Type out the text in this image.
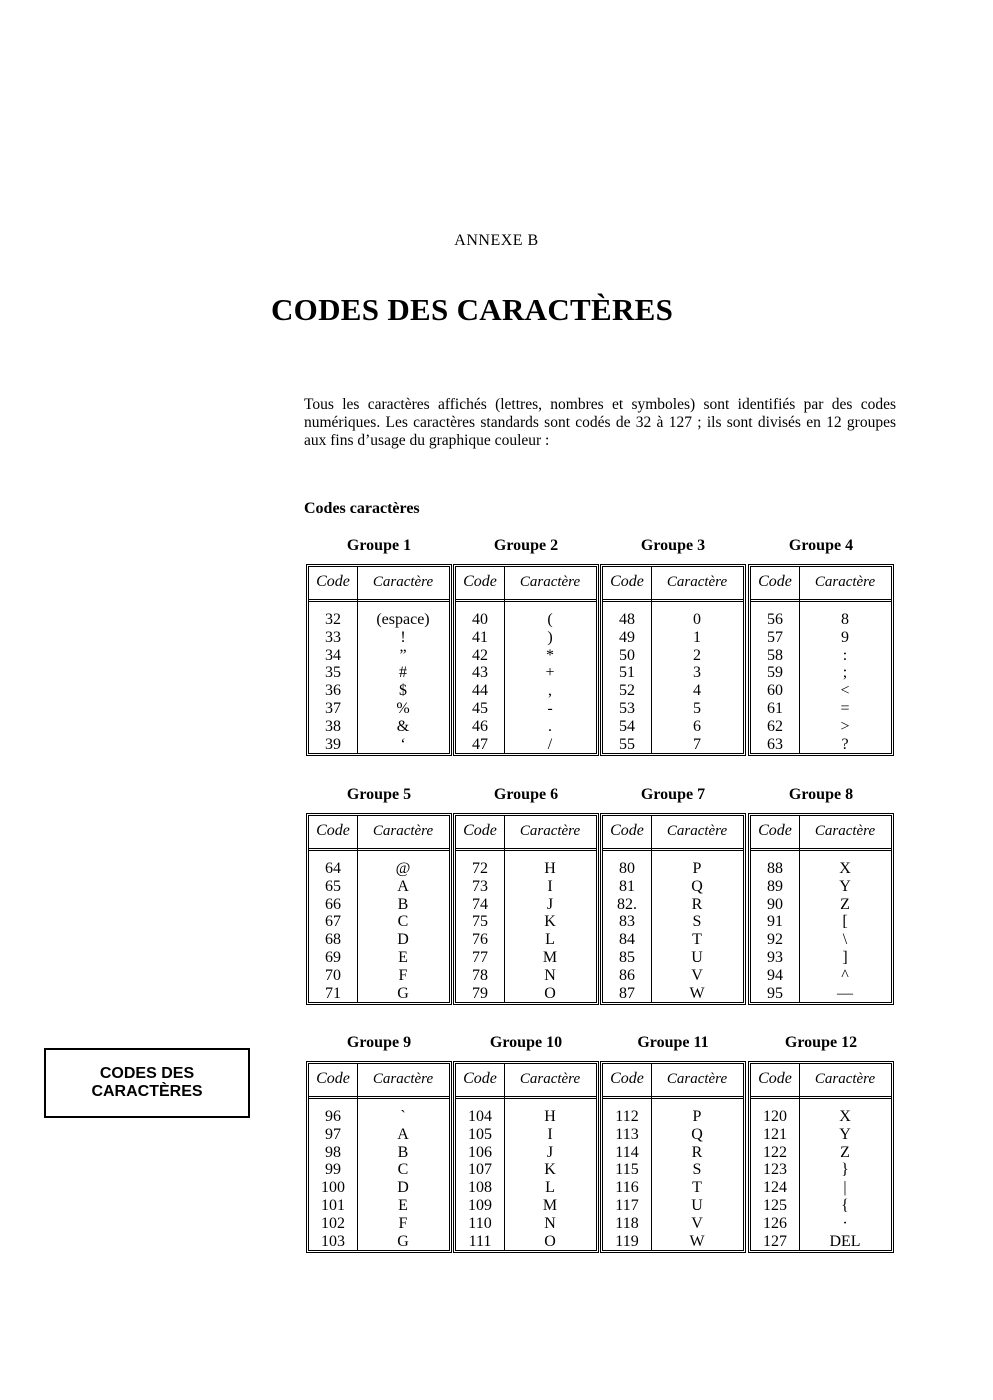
ANNEXE B
CODES DES CARACTÈRES
Tous les caractères affichés (lettres, nombres et symboles) sont identifiés par des codes numériques. Les caractères standards sont codés de 32 à 127 ; ils sont divisés en 12 groupes aux fins d’usage du graphique couleur :
Codes caractères
CODES DES
CARACTÈRES
Groupe 1
Code	Caractère
32	(espace)
33	!
34	”
35	#
36	$
37	%
38	&
39	‘
Groupe 2
Code	Caractère
40	(
41	)
42	*
43	+
44	,
45	-
46	.
47	/
Groupe 3
Code	Caractère
48	0
49	1
50	2
51	3
52	4
53	5
54	6
55	7
Groupe 4
Code	Caractère
56	8
57	9
58	:
59	;
60	<
61	=
62	>
63	?
Groupe 5
Code	Caractère
64	@
65	A
66	B
67	C
68	D
69	E
70	F
71	G
Groupe 6
Code	Caractère
72	H
73	I
74	J
75	K
76	L
77	M
78	N
79	O
Groupe 7
Code	Caractère
80	P
81	Q
82.	R
83	S
84	T
85	U
86	V
87	W
Groupe 8
Code	Caractère
88	X
89	Y
90	Z
91	[
92	\
93	]
94	^
95	—
Groupe 9
Code	Caractère
96	`
97	A
98	B
99	C
100	D
101	E
102	F
103	G
Groupe 10
Code	Caractère
104	H
105	I
106	J
107	K
108	L
109	M
110	N
111	O
Groupe 11
Code	Caractère
112	P
113	Q
114	R
115	S
116	T
117	U
118	V
119	W
Groupe 12
Code	Caractère
120	X
121	Y
122	Z
123	}
124	|
125	{
126	·
127	DEL
